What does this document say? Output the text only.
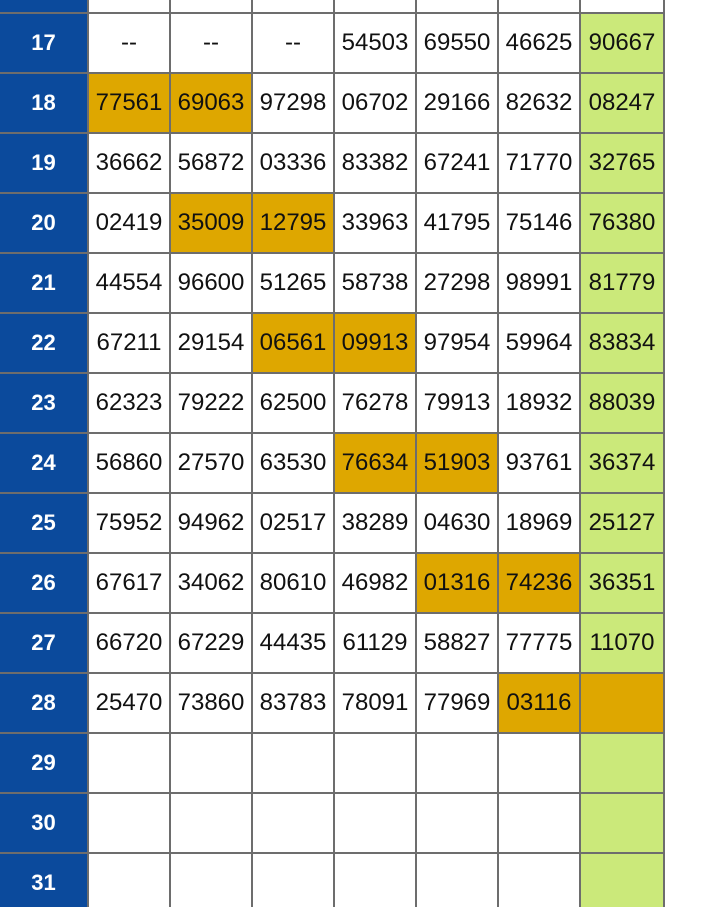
17	--	--	--	54503	69550	46625	90667
18	77561	69063	97298	06702	29166	82632	08247
19	36662	56872	03336	83382	67241	71770	32765
20	02419	35009	12795	33963	41795	75146	76380
21	44554	96600	51265	58738	27298	98991	81779
22	67211	29154	06561	09913	97954	59964	83834
23	62323	79222	62500	76278	79913	18932	88039
24	56860	27570	63530	76634	51903	93761	36374
25	75952	94962	02517	38289	04630	18969	25127
26	67617	34062	80610	46982	01316	74236	36351
27	66720	67229	44435	61129	58827	77775	11070
28	25470	73860	83783	78091	77969	03116	
29							
30							
31							
